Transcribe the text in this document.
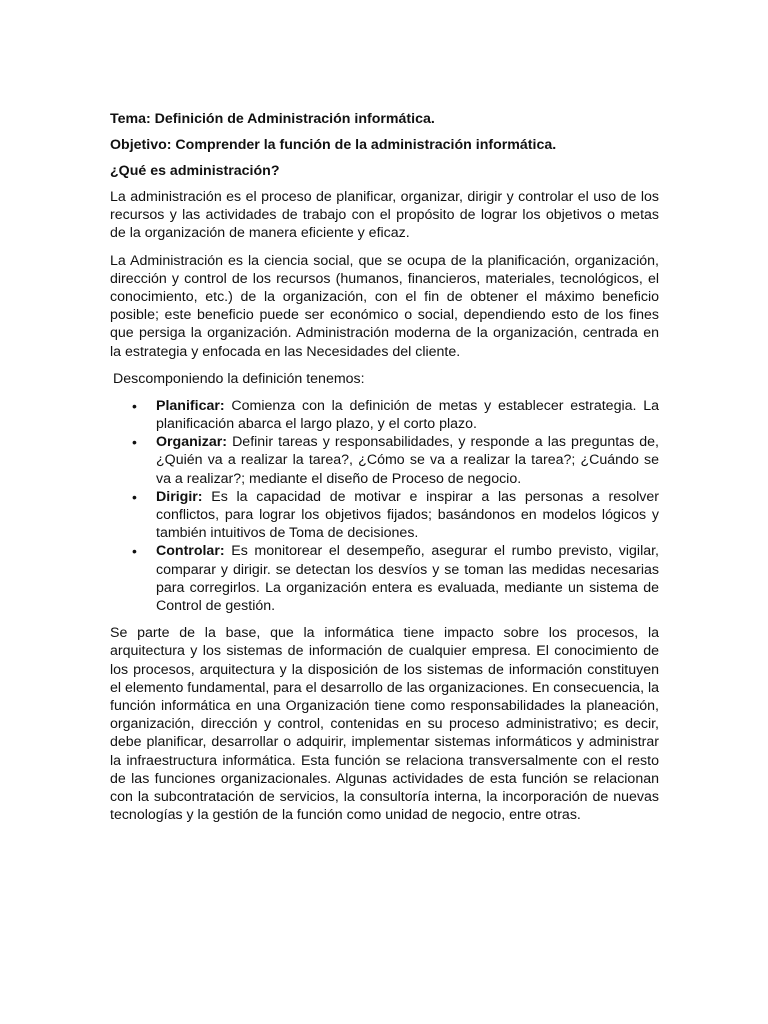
Tema: Definición de Administración informática.

Objetivo: Comprender la función de la administración informática.

¿Qué es administración?

La administración es el proceso de planificar, organizar, dirigir y controlar el uso de los recursos y las actividades de trabajo con el propósito de lograr los objetivos o metas de la organización de manera eficiente y eficaz.

La Administración es la ciencia social, que se ocupa de la planificación, organización, dirección y control de los recursos (humanos, financieros, materiales, tecnológicos, el conocimiento, etc.) de la organización, con el fin de obtener el máximo beneficio posible; este beneficio puede ser económico o social, dependiendo esto de los fines que persiga la organización. Administración moderna de la organización, centrada en la estrategia y enfocada en las Necesidades del cliente.

Descomponiendo la definición tenemos:

• Planificar: Comienza con la definición de metas y establecer estrategia. La planificación abarca el largo plazo, y el corto plazo.
• Organizar: Definir tareas y responsabilidades, y responde a las preguntas de, ¿Quién va a realizar la tarea?, ¿Cómo se va a realizar la tarea?; ¿Cuándo se va a realizar?; mediante el diseño de Proceso de negocio.
• Dirigir: Es la capacidad de motivar e inspirar a las personas a resolver conflictos, para lograr los objetivos fijados; basándonos en modelos lógicos y también intuitivos de Toma de decisiones.
• Controlar: Es monitorear el desempeño, asegurar el rumbo previsto, vigilar, comparar y dirigir. se detectan los desvíos y se toman las medidas necesarias para corregirlos. La organización entera es evaluada, mediante un sistema de Control de gestión.

Se parte de la base, que la informática tiene impacto sobre los procesos, la arquitectura y los sistemas de información de cualquier empresa. El conocimiento de los procesos, arquitectura y la disposición de los sistemas de información constituyen el elemento fundamental, para el desarrollo de las organizaciones. En consecuencia, la función informática en una Organización tiene como responsabilidades la planeación, organización, dirección y control, contenidas en su proceso administrativo; es decir, debe planificar, desarrollar o adquirir, implementar sistemas informáticos y administrar la infraestructura informática. Esta función se relaciona transversalmente con el resto de las funciones organizacionales. Algunas actividades de esta función se relacionan con la subcontratación de servicios, la consultoría interna, la incorporación de nuevas tecnologías y la gestión de la función como unidad de negocio, entre otras.
